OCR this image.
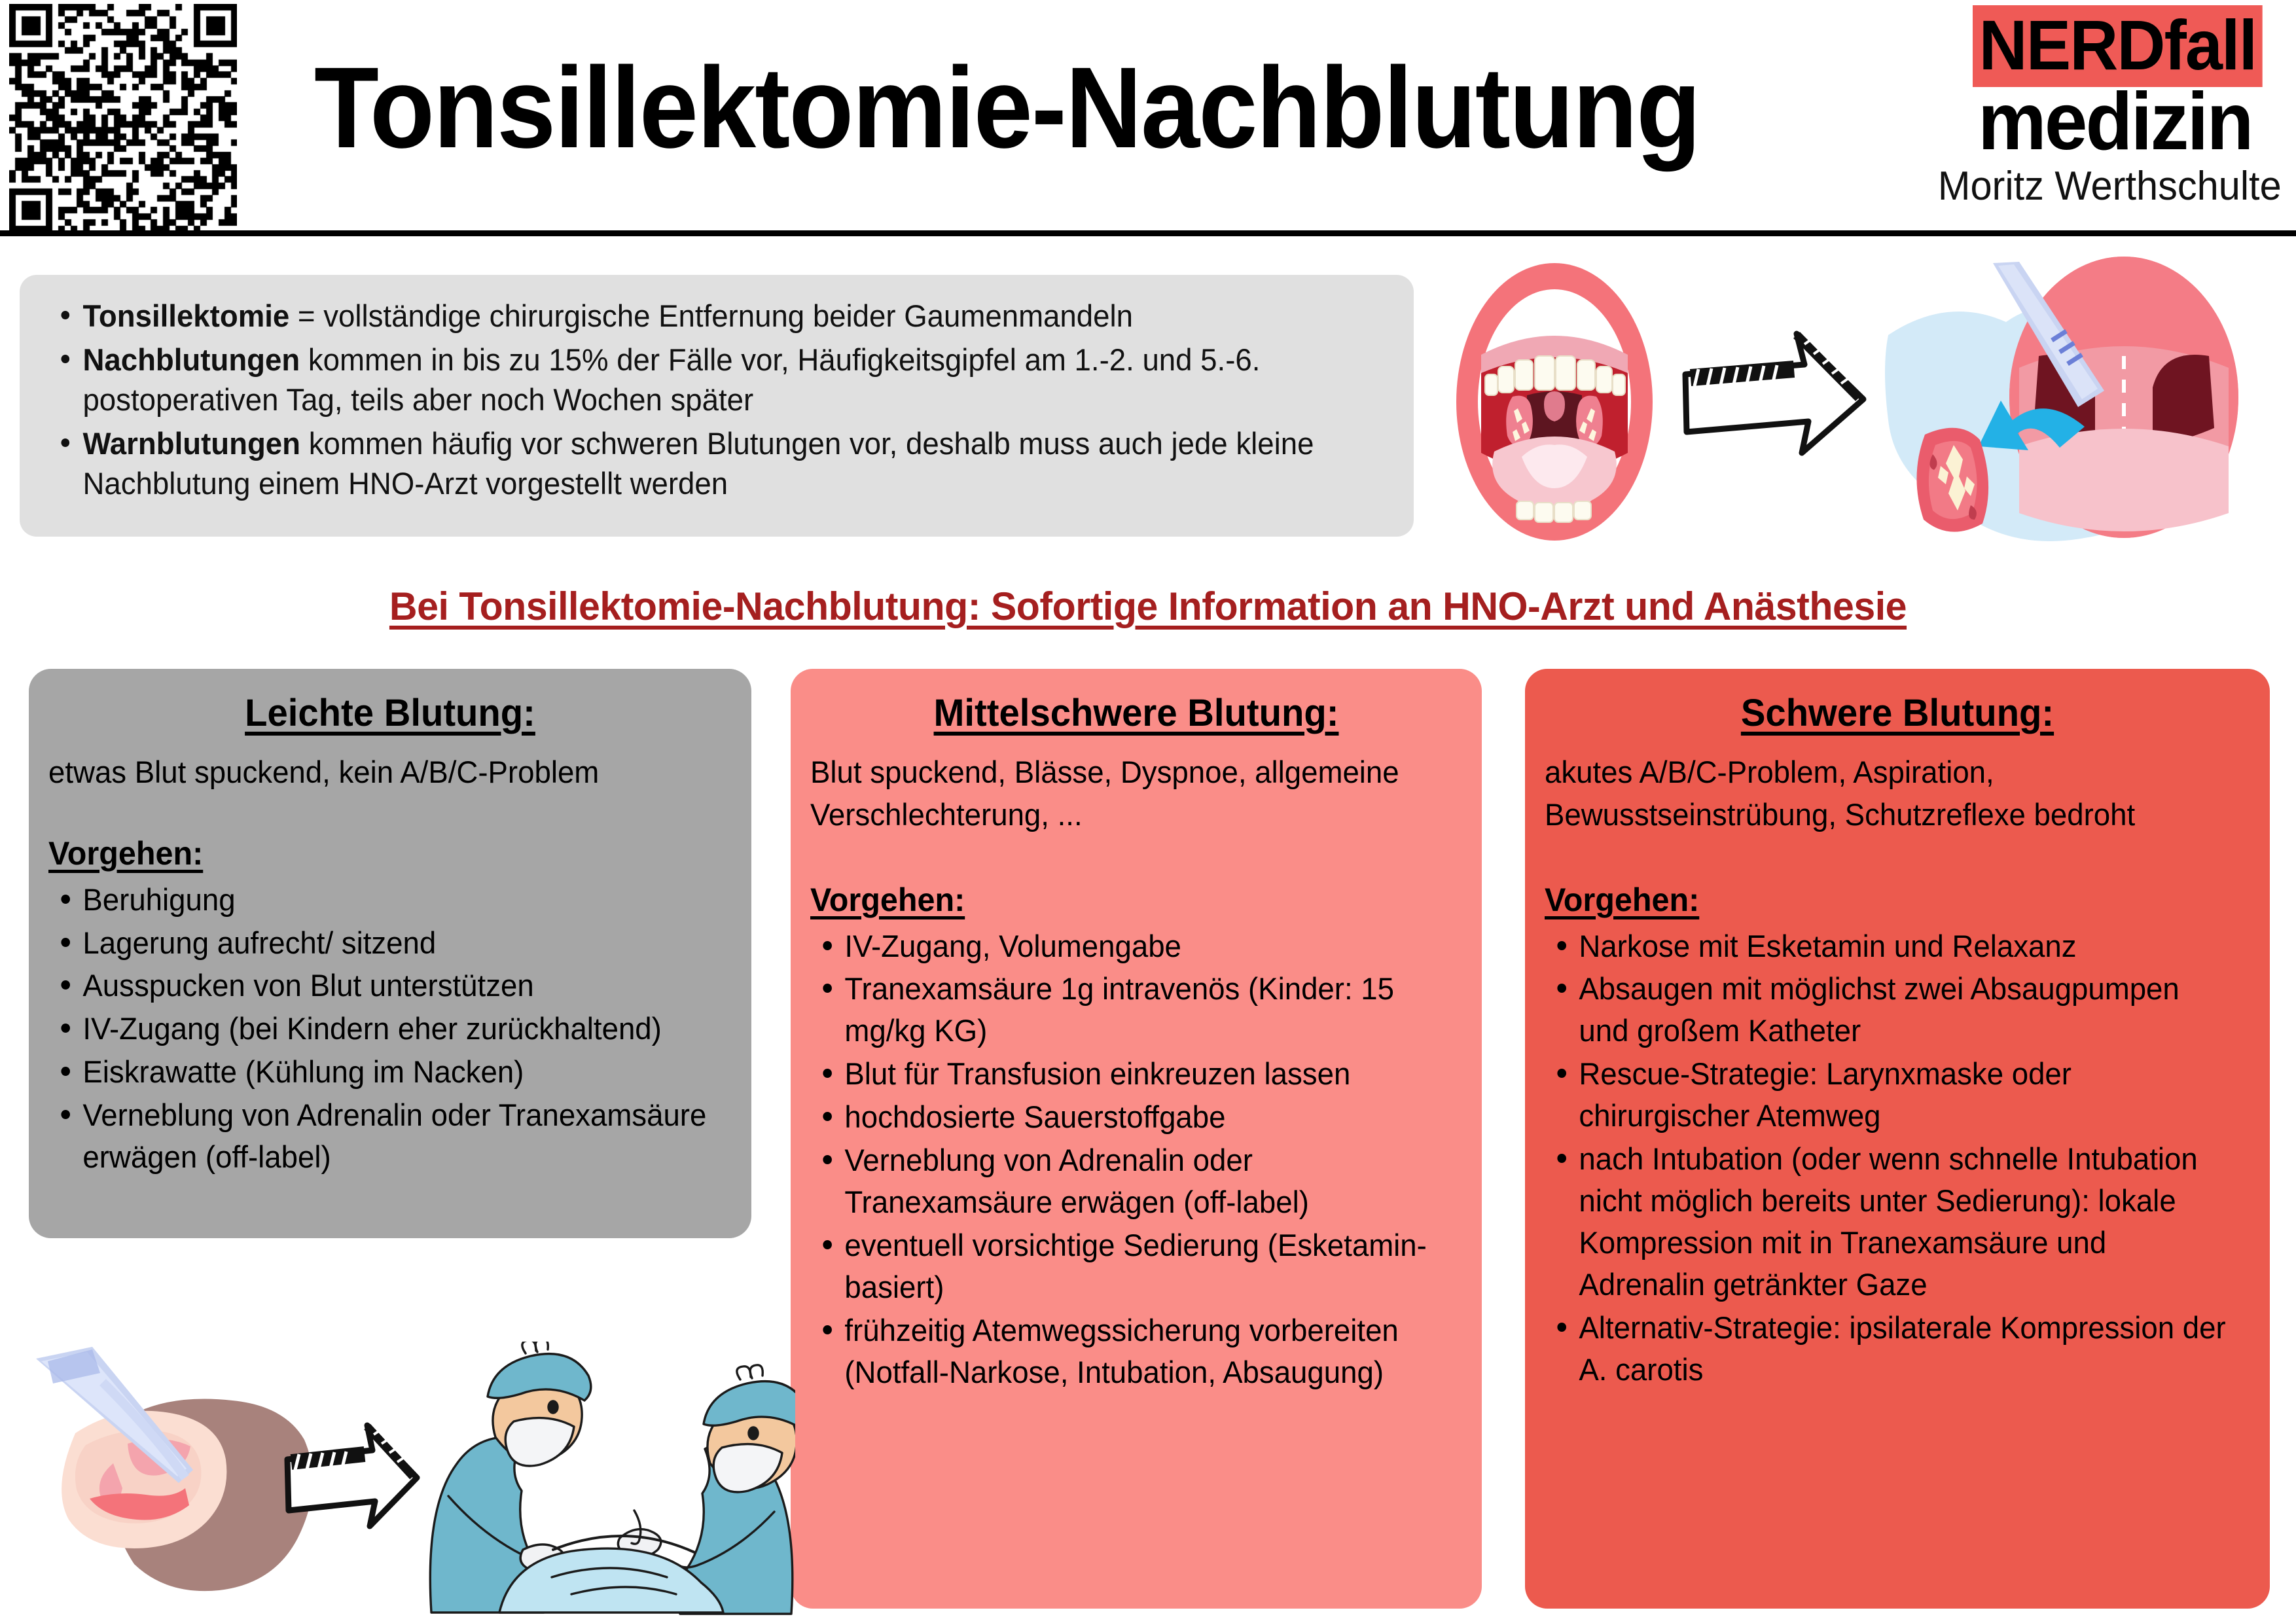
Tonsillektomie-Nachblutung	NERDfall
medizin
Moritz Werthschulte
Tonsillektomie = vollständige chirurgische Entfernung beider Gaumenmandeln
Nachblutungen kommen in bis zu 15% der Fälle vor, Häufigkeitsgipfel am 1.-2. und 5.-6. postoperativen Tag, teils aber noch Wochen später
Warnblutungen kommen häufig vor schweren Blutungen vor, deshalb muss auch jede kleine Nachblutung einem HNO-Arzt vorgestellt werden
Bei Tonsillektomie-Nachblutung: Sofortige Information an HNO-Arzt und Anästhesie
Leichte Blutung:
etwas Blut spuckend, kein A/B/C-Problem
Vorgehen:
Beruhigung
Lagerung aufrecht/ sitzend
Ausspucken von Blut unterstützen
IV-Zugang (bei Kindern eher zurückhaltend)
Eiskrawatte (Kühlung im Nacken)
Verneblung von Adrenalin oder Tranexamsäure erwägen (off-label)
Mittelschwere Blutung:
Blut spuckend, Blässe, Dyspnoe, allgemeine Verschlechterung, ...
Vorgehen:
IV-Zugang, Volumengabe
Tranexamsäure 1g intravenös (Kinder: 15 mg/kg KG)
Blut für Transfusion einkreuzen lassen
hochdosierte Sauerstoffgabe
Verneblung von Adrenalin oder Tranexamsäure erwägen (off-label)
eventuell vorsichtige Sedierung (Esketamin-basiert)
frühzeitig Atemwegssicherung vorbereiten (Notfall-Narkose, Intubation, Absaugung)
Schwere Blutung:
akutes A/B/C-Problem, Aspiration, Bewusstseinstrübung, Schutzreflexe bedroht
Vorgehen:
Narkose mit Esketamin und Relaxanz
Absaugen mit möglichst zwei Absaugpumpen und großem Katheter
Rescue-Strategie: Larynxmaske oder chirurgischer Atemweg
nach Intubation (oder wenn schnelle Intubation nicht möglich bereits unter Sedierung): lokale Kompression mit in Tranexamsäure und Adrenalin getränkter Gaze
Alternativ-Strategie: ipsilaterale Kompression der A. carotis
